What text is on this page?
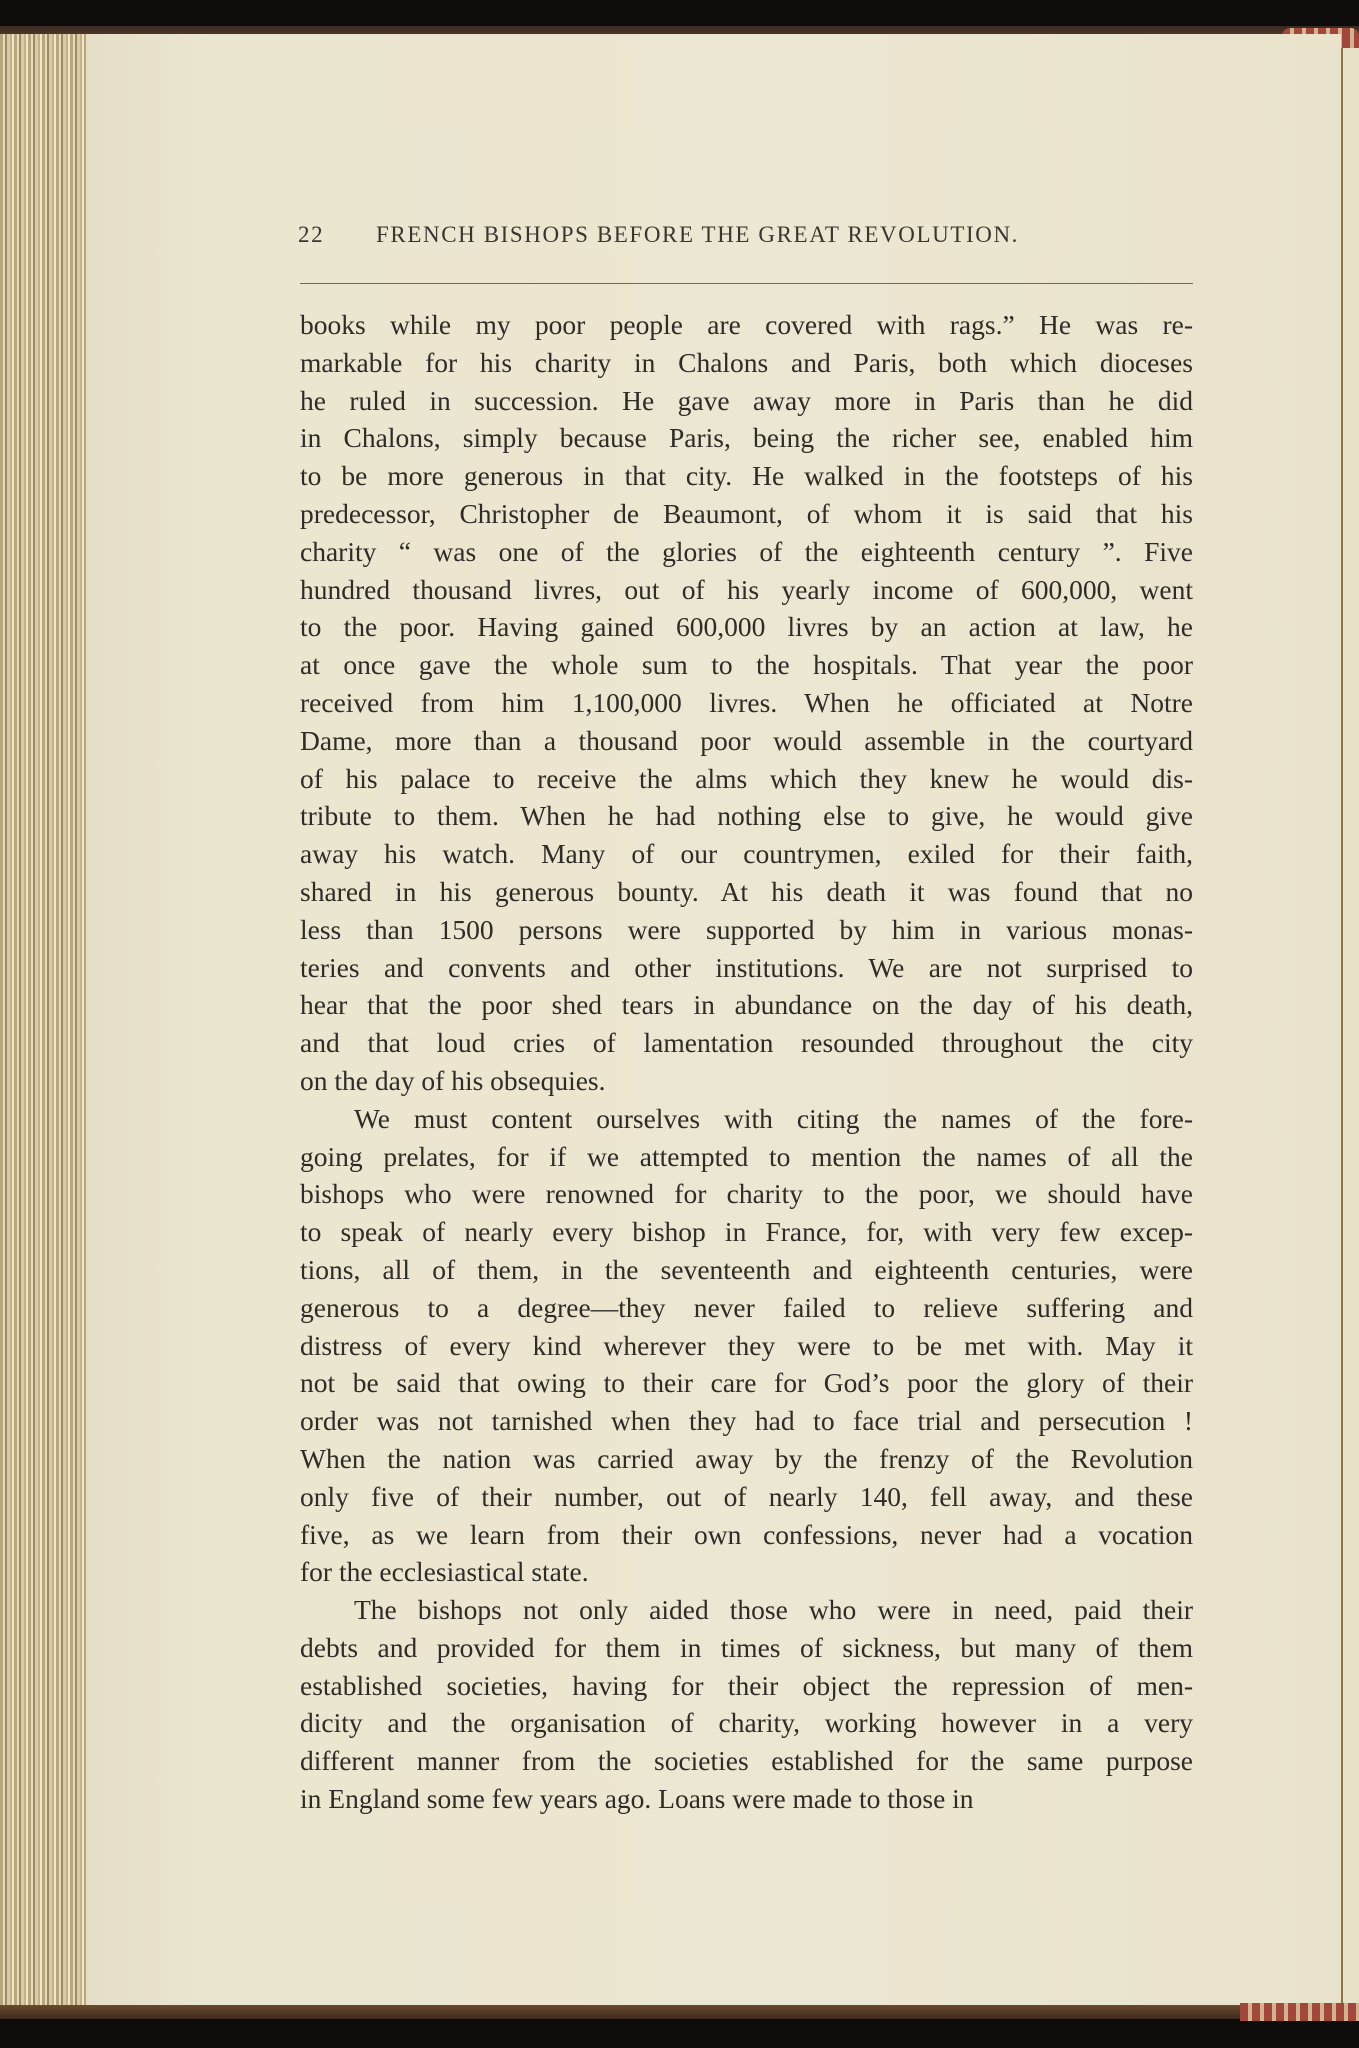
22 FRENCH BISHOPS BEFORE THE GREAT REVOLUTION.
books while my poor people are covered with rags.” He was re-
markable for his charity in Chalons and Paris, both which dioceses
he ruled in succession. He gave away more in Paris than he did
in Chalons, simply because Paris, being the richer see, enabled him
to be more generous in that city. He walked in the footsteps of his
predecessor, Christopher de Beaumont, of whom it is said that his
charity “ was one of the glories of the eighteenth century ”. Five
hundred thousand livres, out of his yearly income of 600,000, went
to the poor. Having gained 600,000 livres by an action at law, he
at once gave the whole sum to the hospitals. That year the poor
received from him 1,100,000 livres. When he officiated at Notre
Dame, more than a thousand poor would assemble in the courtyard
of his palace to receive the alms which they knew he would dis-
tribute to them. When he had nothing else to give, he would give
away his watch. Many of our countrymen, exiled for their faith,
shared in his generous bounty. At his death it was found that no
less than 1500 persons were supported by him in various monas-
teries and convents and other institutions. We are not surprised to
hear that the poor shed tears in abundance on the day of his death,
and that loud cries of lamentation resounded throughout the city
on the day of his obsequies.
We must content ourselves with citing the names of the fore-
going prelates, for if we attempted to mention the names of all the
bishops who were renowned for charity to the poor, we should have
to speak of nearly every bishop in France, for, with very few excep-
tions, all of them, in the seventeenth and eighteenth centuries, were
generous to a degree—they never failed to relieve suffering and
distress of every kind wherever they were to be met with. May it
not be said that owing to their care for God’s poor the glory of their
order was not tarnished when they had to face trial and persecution !
When the nation was carried away by the frenzy of the Revolution
only five of their number, out of nearly 140, fell away, and these
five, as we learn from their own confessions, never had a vocation
for the ecclesiastical state.
The bishops not only aided those who were in need, paid their
debts and provided for them in times of sickness, but many of them
established societies, having for their object the repression of men-
dicity and the organisation of charity, working however in a very
different manner from the societies established for the same purpose
in England some few years ago. Loans were made to those in
